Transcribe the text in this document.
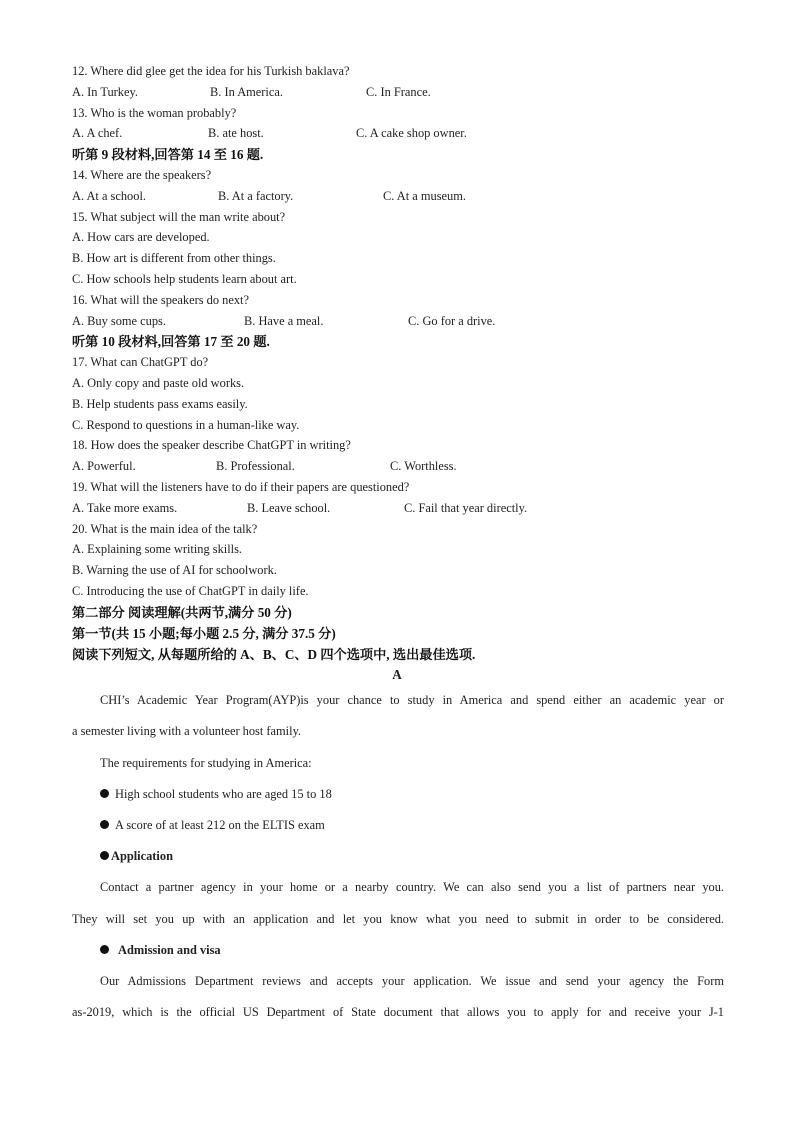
12. Where did glee get the idea for his Turkish baklava?
A. In Turkey.	B. In America.	C. In France.
13. Who is the woman probably?
A. A chef.	B. ate host.	C. A cake shop owner.
听第 9 段材料,回答第 14 至 16 题.
14. Where are the speakers?
A. At a school.	B. At a factory.	C. At a museum.
15. What subject will the man write about?
A. How cars are developed.
B. How art is different from other things.
C. How schools help students learn about art.
16. What will the speakers do next?
A. Buy some cups.	B. Have a meal.	C. Go for a drive.
听第 10 段材料,回答第 17 至 20 题.
17. What can ChatGPT do?
A. Only copy and paste old works.
B. Help students pass exams easily.
C. Respond to questions in a human-like way.
18. How does the speaker describe ChatGPT in writing?
A. Powerful.	B. Professional.	C. Worthless.
19. What will the listeners have to do if their papers are questioned?
A. Take more exams.	B. Leave school.	C. Fail that year directly.
20. What is the main idea of the talk?
A. Explaining some writing skills.
B. Warning the use of AI for schoolwork.
C. Introducing the use of ChatGPT in daily life.
第二部分 阅读理解(共两节,满分 50 分)
第一节(共 15 小题;每小题 2.5 分, 满分 37.5 分)
阅读下列短文, 从每题所给的 A、B、C、D 四个选项中, 选出最佳选项.
A
CHI’s Academic Year Program(AYP)is your chance to study in America and spend either an academic year or
a semester living with a volunteer host family.
The requirements for studying in America:
High school students who are aged 15 to 18
A score of at least 212 on the ELTIS exam
Application
Contact a partner agency in your home or a nearby country. We can also send you a list of partners near you.
They will set you up with an application and let you know what you need to submit in order to be considered.
Admission and visa
Our Admissions Department reviews and accepts your application. We issue and send your agency the Form
as-2019, which is the official US Department of State document that allows you to apply for and receive your J-1
